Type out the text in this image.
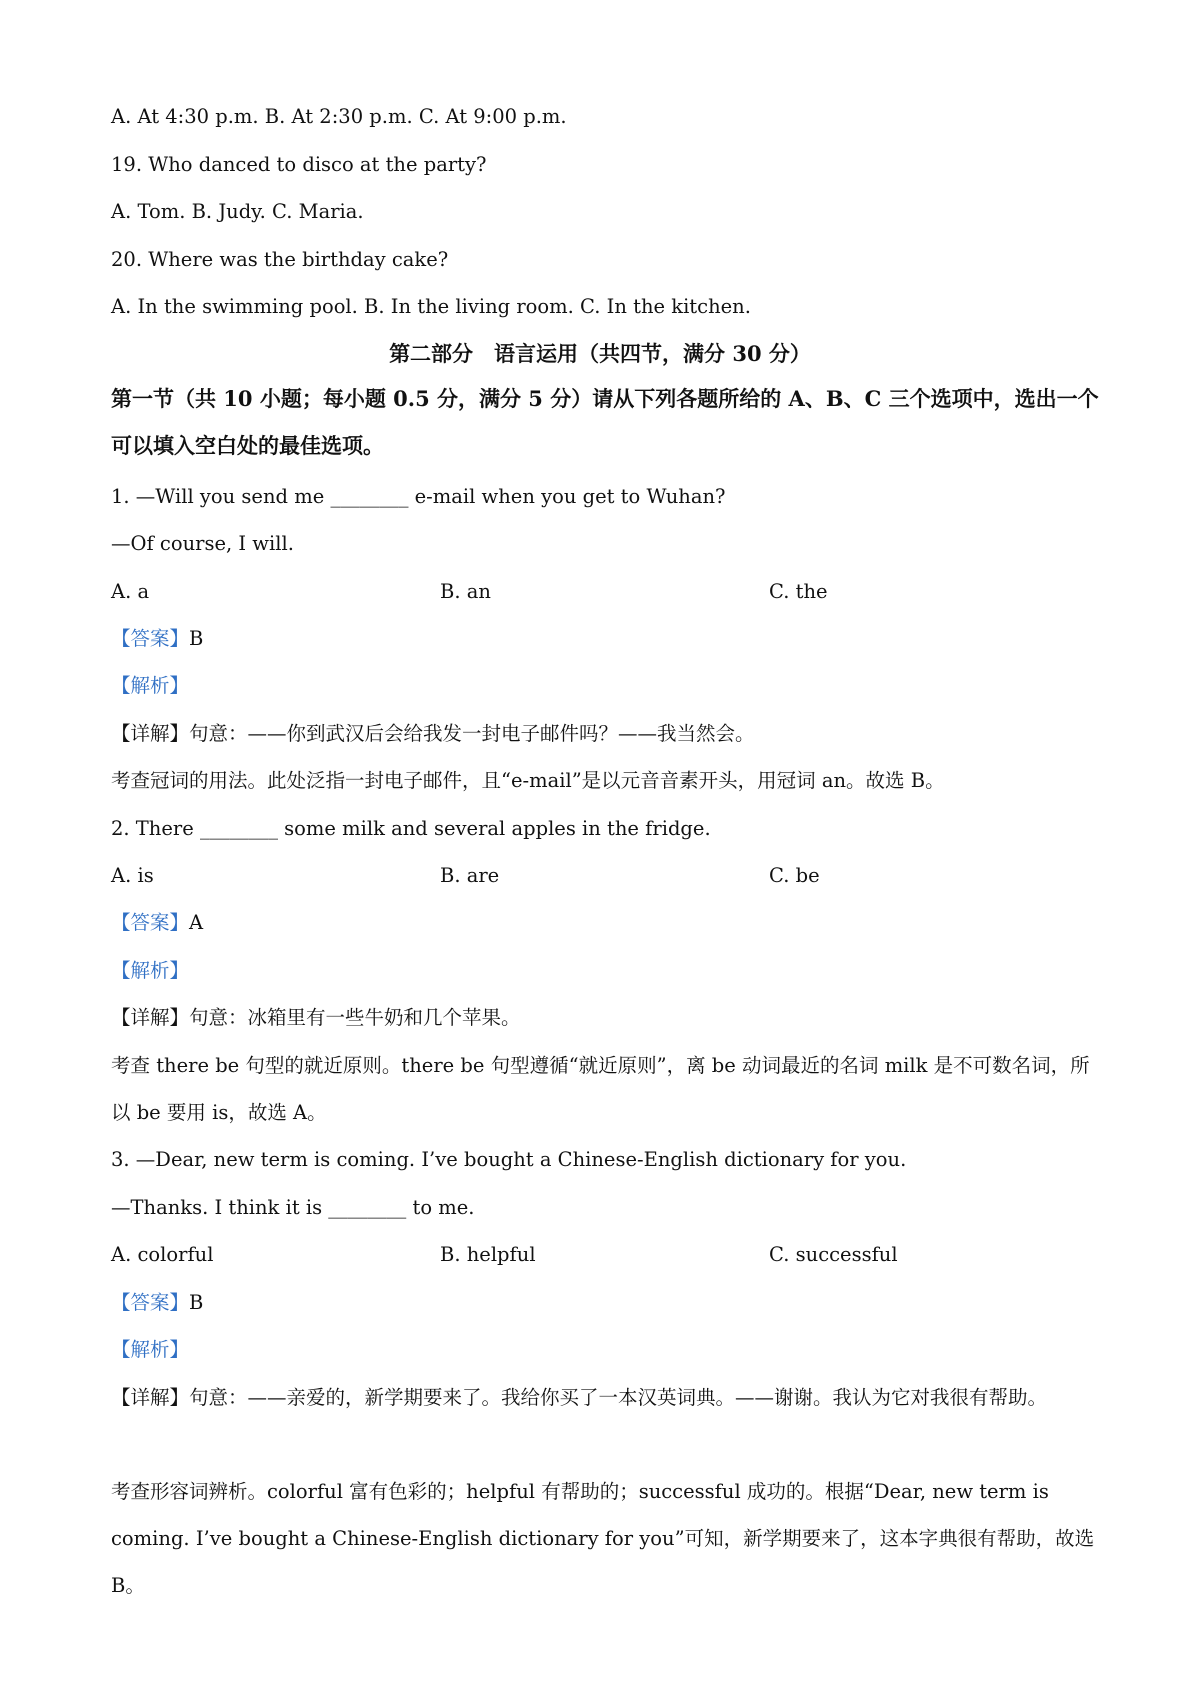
A. At 4:30 p.m. B. At 2:30 p.m. C. At 9:00 p.m.
19. Who danced to disco at the party?
A. Tom. B. Judy. C. Maria.
20. Where was the birthday cake?
A. In the swimming pool. B. In the living room. C. In the kitchen.
第二部分　语言运用（共四节，满分 30 分）
第一节（共 10 小题；每小题 0.5 分，满分 5 分）请从下列各题所给的 A、B、C 三个选项中，选出一个可以填入空白处的最佳选项。
1. —Will you send me ________ e-mail when you get to Wuhan?
—Of course, I will.
A. a	B. an	C. the
【答案】B
【解析】
【详解】句意：——你到武汉后会给我发一封电子邮件吗？——我当然会。
考查冠词的用法。此处泛指一封电子邮件，且“e-mail”是以元音音素开头，用冠词 an。故选 B。
2. There ________ some milk and several apples in the fridge.
A. is	B. are	C. be
【答案】A
【解析】
【详解】句意：冰箱里有一些牛奶和几个苹果。
考查 there be 句型的就近原则。there be 句型遵循“就近原则”，离 be 动词最近的名词 milk 是不可数名词，所以 be 要用 is，故选 A。
3. —Dear, new term is coming. I’ve bought a Chinese-English dictionary for you.
—Thanks. I think it is ________ to me.
A. colorful	B. helpful	C. successful
【答案】B
【解析】
【详解】句意：——亲爱的，新学期要来了。我给你买了一本汉英词典。——谢谢。我认为它对我很有帮助。
考查形容词辨析。colorful 富有色彩的；helpful 有帮助的；successful 成功的。根据“Dear, new term is coming. I’ve bought a Chinese-English dictionary for you”可知，新学期要来了，这本字典很有帮助，故选 B。
